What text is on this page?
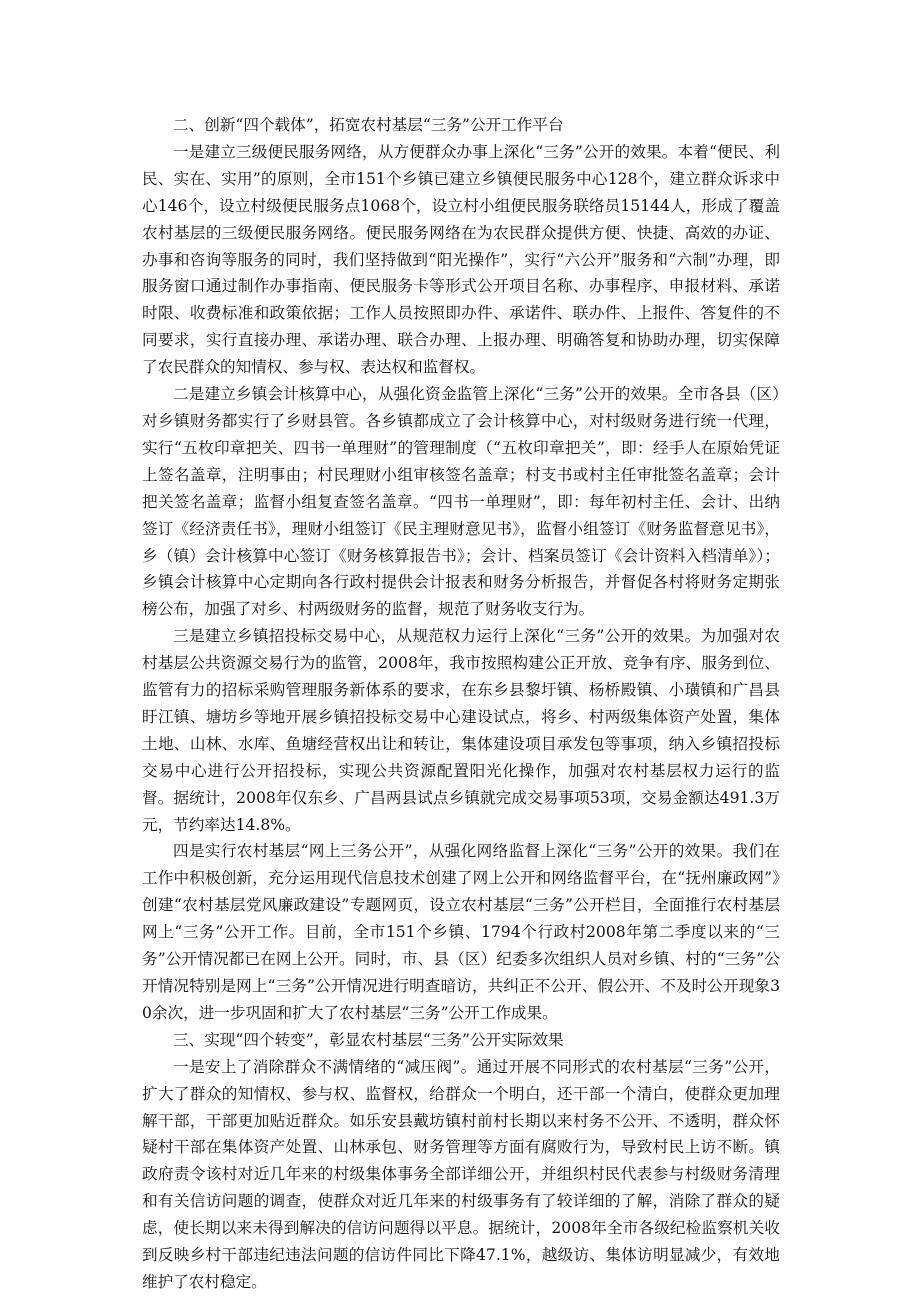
二、创新“四个载体”，拓宽农村基层“三务”公开工作平台

一是建立三级便民服务网络，从方便群众办事上深化“三务”公开的效果。本着“便民、利民、实在、实用”的原则，全市151个乡镇已建立乡镇便民服务中心128个，建立群众诉求中心146个，设立村级便民服务点1068个，设立村小组便民服务联络员15144人，形成了覆盖农村基层的三级便民服务网络。便民服务网络在为农民群众提供方便、快捷、高效的办证、办事和咨询等服务的同时，我们坚持做到“阳光操作”，实行“六公开”服务和“六制”办理，即服务窗口通过制作办事指南、便民服务卡等形式公开项目名称、办事程序、申报材料、承诺时限、收费标准和政策依据；工作人员按照即办件、承诺件、联办件、上报件、答复件的不同要求，实行直接办理、承诺办理、联合办理、上报办理、明确答复和协助办理，切实保障了农民群众的知情权、参与权、表达权和监督权。

二是建立乡镇会计核算中心，从强化资金监管上深化“三务”公开的效果。全市各县（区）对乡镇财务都实行了乡财县管。各乡镇都成立了会计核算中心，对村级财务进行统一代理，实行“五枚印章把关、四书一单理财”的管理制度（“五枚印章把关”，即：经手人在原始凭证上签名盖章，注明事由；村民理财小组审核签名盖章；村支书或村主任审批签名盖章；会计把关签名盖章；监督小组复查签名盖章。“四书一单理财”，即：每年初村主任、会计、出纳签订《经济责任书》，理财小组签订《民主理财意见书》，监督小组签订《财务监督意见书》，乡（镇）会计核算中心签订《财务核算报告书》；会计、档案员签订《会计资料入档清单》）；乡镇会计核算中心定期向各行政村提供会计报表和财务分析报告，并督促各村将财务定期张榜公布，加强了对乡、村两级财务的监督，规范了财务收支行为。

三是建立乡镇招投标交易中心，从规范权力运行上深化“三务”公开的效果。为加强对农村基层公共资源交易行为的监管，2008年，我市按照构建公正开放、竞争有序、服务到位、监管有力的招标采购管理服务新体系的要求，在东乡县黎圩镇、杨桥殿镇、小璜镇和广昌县盱江镇、塘坊乡等地开展乡镇招投标交易中心建设试点，将乡、村两级集体资产处置，集体土地、山林、水库、鱼塘经营权出让和转让，集体建设项目承发包等事项，纳入乡镇招投标交易中心进行公开招投标，实现公共资源配置阳光化操作，加强对农村基层权力运行的监督。据统计，2008年仅东乡、广昌两县试点乡镇就完成交易事项53项，交易金额达491.3万元，节约率达14.8%。

四是实行农村基层“网上三务公开”，从强化网络监督上深化“三务”公开的效果。我们在工作中积极创新，充分运用现代信息技术创建了网上公开和网络监督平台，在“抚州廉政网”》创建“农村基层党风廉政建设”专题网页，设立农村基层“三务”公开栏目，全面推行农村基层网上“三务”公开工作。目前，全市151个乡镇、1794个行政村2008年第二季度以来的“三务”公开情况都已在网上公开。同时，市、县（区）纪委多次组织人员对乡镇、村的“三务”公开情况特别是网上“三务”公开情况进行明查暗访，共纠正不公开、假公开、不及时公开现象30余次，进一步巩固和扩大了农村基层“三务”公开工作成果。

三、实现“四个转变”，彰显农村基层“三务”公开实际效果

一是安上了消除群众不满情绪的“减压阀”。通过开展不同形式的农村基层“三务”公开，扩大了群众的知情权、参与权、监督权，给群众一个明白，还干部一个清白，使群众更加理解干部，干部更加贴近群众。如乐安县戴坊镇村前村长期以来村务不公开、不透明，群众怀疑村干部在集体资产处置、山林承包、财务管理等方面有腐败行为，导致村民上访不断。镇政府责令该村对近几年来的村级集体事务全部详细公开，并组织村民代表参与村级财务清理和有关信访问题的调查，使群众对近几年来的村级事务有了较详细的了解，消除了群众的疑虑，使长期以来未得到解决的信访问题得以平息。据统计，2008年全市各级纪检监察机关收到反映乡村干部违纪违法问题的信访件同比下降47.1%，越级访、集体访明显减少，有效地维护了农村稳定。
